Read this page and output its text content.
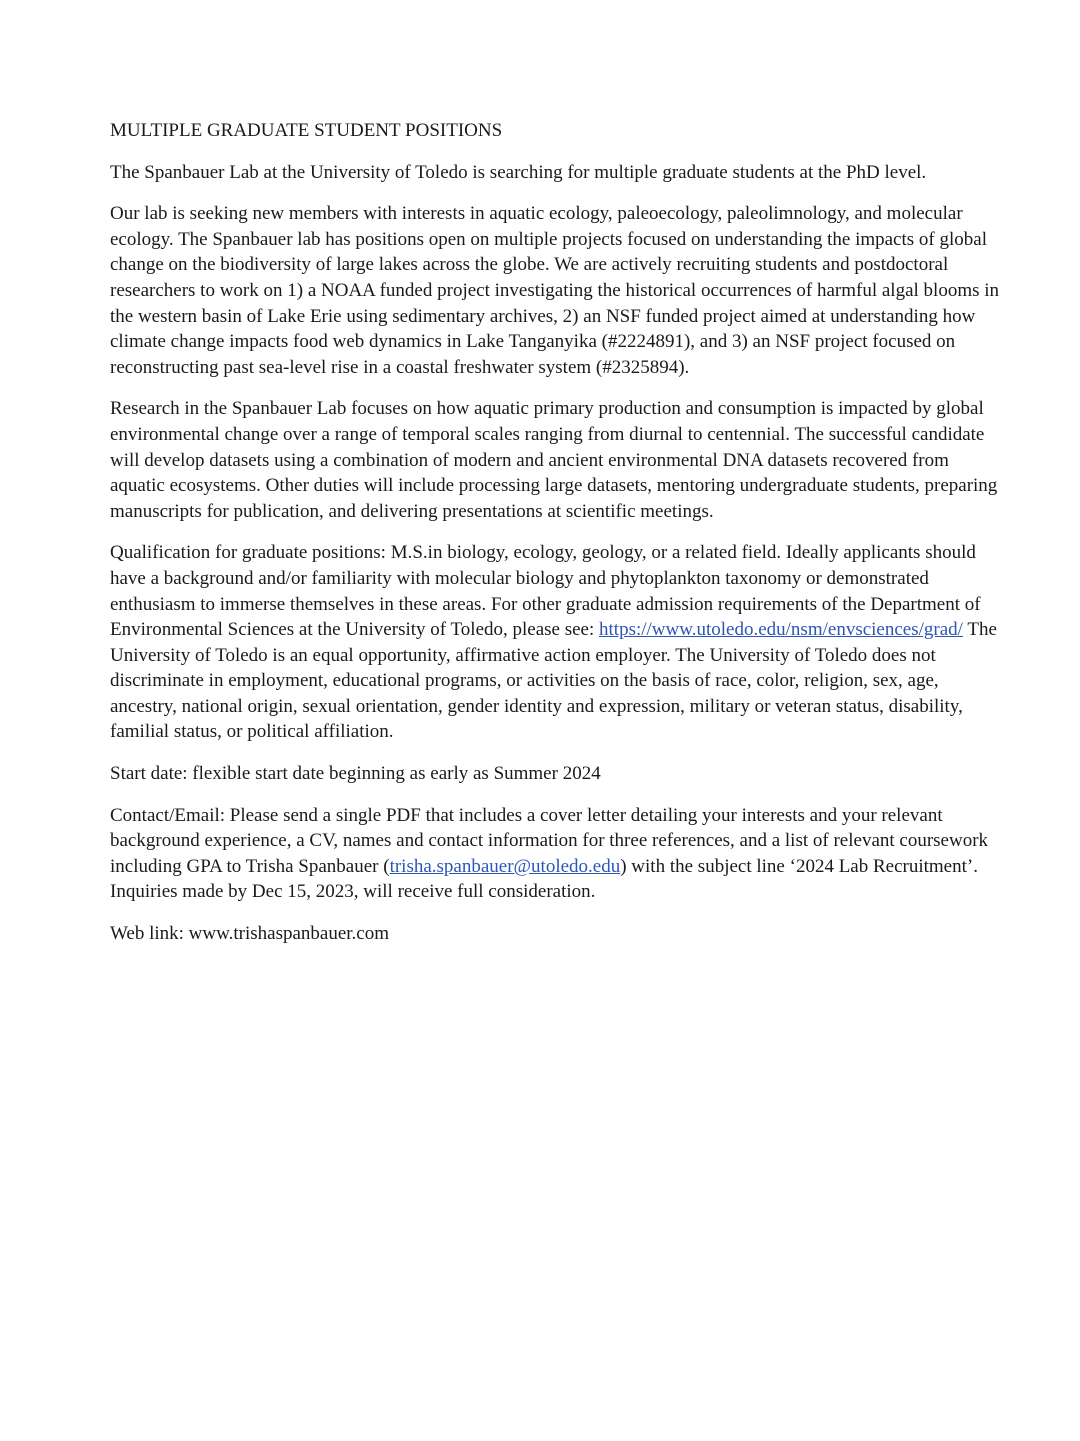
MULTIPLE GRADUATE STUDENT POSITIONS

The Spanbauer Lab at the University of Toledo is searching for multiple graduate students at the PhD level.

Our lab is seeking new members with interests in aquatic ecology, paleoecology, paleolimnology, and molecular ecology. The Spanbauer lab has positions open on multiple projects focused on understanding the impacts of global change on the biodiversity of large lakes across the globe. We are actively recruiting students and postdoctoral researchers to work on 1) a NOAA funded project investigating the historical occurrences of harmful algal blooms in the western basin of Lake Erie using sedimentary archives, 2) an NSF funded project aimed at understanding how climate change impacts food web dynamics in Lake Tanganyika (#2224891), and 3) an NSF project focused on reconstructing past sea-level rise in a coastal freshwater system (#2325894).

Research in the Spanbauer Lab focuses on how aquatic primary production and consumption is impacted by global environmental change over a range of temporal scales ranging from diurnal to centennial. The successful candidate will develop datasets using a combination of modern and ancient environmental DNA datasets recovered from aquatic ecosystems. Other duties will include processing large datasets, mentoring undergraduate students, preparing manuscripts for publication, and delivering presentations at scientific meetings.

Qualification for graduate positions: M.S.in biology, ecology, geology, or a related field. Ideally applicants should have a background and/or familiarity with molecular biology and phytoplankton taxonomy or demonstrated enthusiasm to immerse themselves in these areas. For other graduate admission requirements of the Department of Environmental Sciences at the University of Toledo, please see: https://www.utoledo.edu/nsm/envsciences/grad/ The University of Toledo is an equal opportunity, affirmative action employer. The University of Toledo does not discriminate in employment, educational programs, or activities on the basis of race, color, religion, sex, age, ancestry, national origin, sexual orientation, gender identity and expression, military or veteran status, disability, familial status, or political affiliation.

Start date: flexible start date beginning as early as Summer 2024

Contact/Email: Please send a single PDF that includes a cover letter detailing your interests and your relevant background experience, a CV, names and contact information for three references, and a list of relevant coursework including GPA to Trisha Spanbauer (trisha.spanbauer@utoledo.edu) with the subject line ‘2024 Lab Recruitment’. Inquiries made by Dec 15, 2023, will receive full consideration.

Web link: www.trishaspanbauer.com
